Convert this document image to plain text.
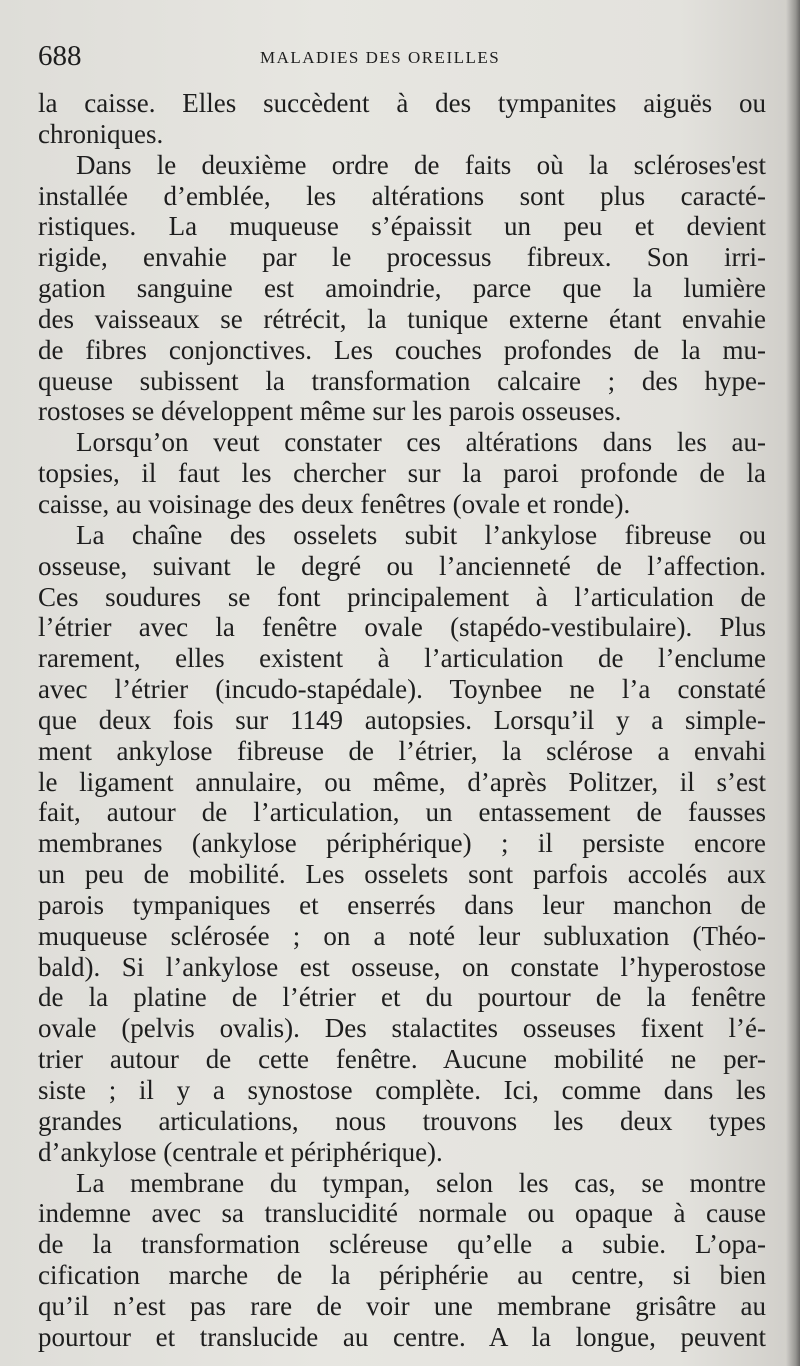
688	MALADIES DES OREILLES
la caisse. Elles succèdent à des tympanites aiguës ou
chroniques.
Dans le deuxième ordre de faits où la scléroses'est
installée d’emblée, les altérations sont plus caracté-
ristiques. La muqueuse s’épaissit un peu et devient
rigide, envahie par le processus fibreux. Son irri-
gation sanguine est amoindrie, parce que la lumière
des vaisseaux se rétrécit, la tunique externe étant envahie
de fibres conjonctives. Les couches profondes de la mu-
queuse subissent la transformation calcaire ; des hype-
rostoses se développent même sur les parois osseuses.
Lorsqu’on veut constater ces altérations dans les au-
topsies, il faut les chercher sur la paroi profonde de la
caisse, au voisinage des deux fenêtres (ovale et ronde).
La chaîne des osselets subit l’ankylose fibreuse ou
osseuse, suivant le degré ou l’ancienneté de l’affection.
Ces soudures se font principalement à l’articulation de
l’étrier avec la fenêtre ovale (stapédo-vestibulaire). Plus
rarement, elles existent à l’articulation de l’enclume
avec l’étrier (incudo-stapédale). Toynbee ne l’a constaté
que deux fois sur 1149 autopsies. Lorsqu’il y a simple-
ment ankylose fibreuse de l’étrier, la sclérose a envahi
le ligament annulaire, ou même, d’après Politzer, il s’est
fait, autour de l’articulation, un entassement de fausses
membranes (ankylose périphérique) ; il persiste encore
un peu de mobilité. Les osselets sont parfois accolés aux
parois tympaniques et enserrés dans leur manchon de
muqueuse sclérosée ; on a noté leur subluxation (Théo-
bald). Si l’ankylose est osseuse, on constate l’hyperostose
de la platine de l’étrier et du pourtour de la fenêtre
ovale (pelvis ovalis). Des stalactites osseuses fixent l’é-
trier autour de cette fenêtre. Aucune mobilité ne per-
siste ; il y a synostose complète. Ici, comme dans les
grandes articulations, nous trouvons les deux types
d’ankylose (centrale et périphérique).
La membrane du tympan, selon les cas, se montre
indemne avec sa translucidité normale ou opaque à cause
de la transformation scléreuse qu’elle a subie. L’opa-
cification marche de la périphérie au centre, si bien
qu’il n’est pas rare de voir une membrane grisâtre au
pourtour et translucide au centre. A la longue, peuvent
